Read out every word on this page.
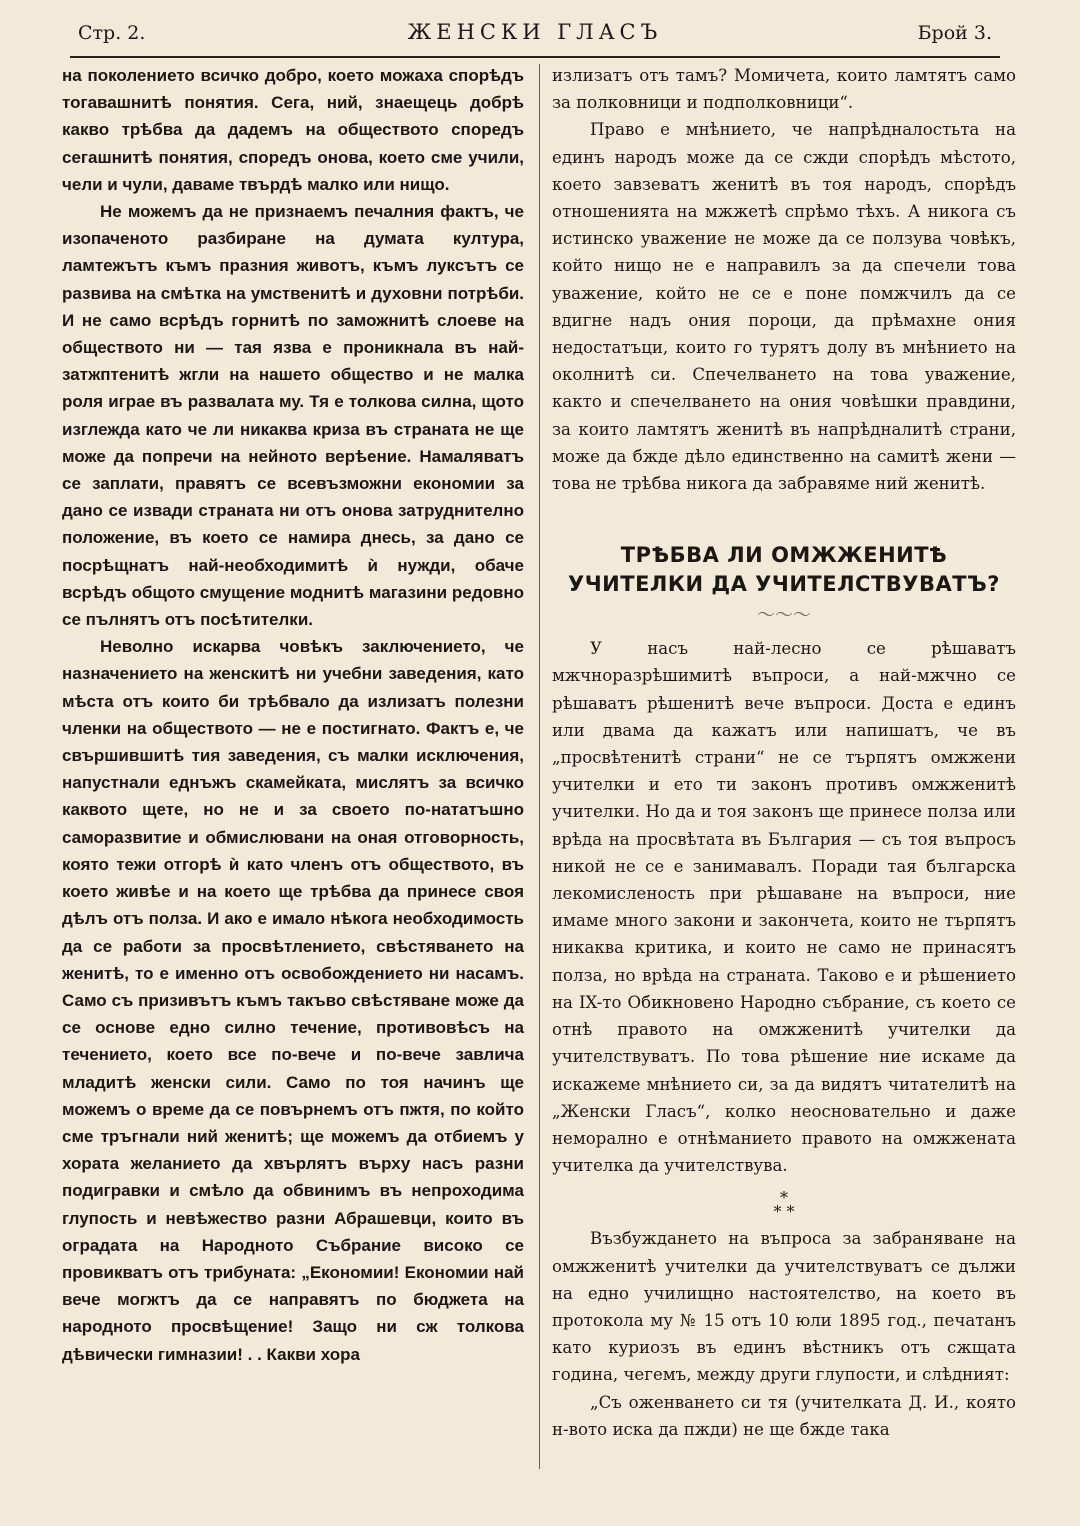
Стр. 2.	ЖЕНСКИ ГЛАСЪ	Брой 3.

на поколението всичко добро, което можаха спорѣдъ тогавашнитѣ понятия. Сега, ний, знаещець добрѣ какво трѣбва да дадемъ на обществото споредъ сегашнитѣ понятия, споредъ онова, което сме учили, чели и чули, даваме твърдѣ малко или нищо.

Не можемъ да не признаемъ печалния фактъ, че изопаченото разбиране на думата култура, ламтежътъ къмъ празния животъ, къмъ луксътъ се развива на смѣтка на умственитѣ и духовни потрѣби. И не само всрѣдъ горнитѣ по заможнитѣ слоеве на обществото ни — тая язва е проникнала въ най-затжптенитѣ жгли на нашето общество и не малка роля играе въ развалата му. Тя е толкова силна, щото изглежда като че ли никаква криза въ страната не ще може да попречи на нейното верѣение. Намаляватъ се заплати, правятъ се всевъзможни економии за дано се извади страната ни отъ онова затруднително положение, въ което се намира днесь, за дано се посрѣщнатъ най-необходимитѣ ѝ нужди, обаче всрѣдъ общото смущение моднитѣ магазини редовно се пълнятъ отъ посѣтителки.

Неволно искарва човѣкъ заключението, че назначението на женскитѣ ни учебни заведения, като мѣста отъ които би трѣбвало да излизатъ полезни членки на обществото — не е постигнато. Фактъ е, че свършившитѣ тия заведения, съ малки исключения, напустнали еднъжъ скамейката, мислятъ за всичко каквото щете, но не и за своето по-нататъшно саморазвитие и обмислювани на оная отговорность, която тежи отгорѣ ѝ като членъ отъ обществото, въ което живѣе и на което ще трѣбва да принесе своя дѣлъ отъ полза. И ако е имало нѣкога необходимость да се работи за просвѣтлението, свѣстяването на женитѣ, то е именно отъ освобождението ни насамъ. Само съ призивътъ къмъ такъво свѣстяване може да се основе едно силно течение, противовѣсъ на течението, което все по-вече и по-вече завлича младитѣ женски сили. Само по тоя начинъ ще можемъ о време да се повърнемъ отъ пжтя, по който сме тръгнали ний женитѣ; ще можемъ да отбиемъ у хората желанието да хвърлятъ върху насъ разни подигравки и смѣло да обвинимъ въ непроходима глупость и невѣжество разни Абрашевци, които въ оградата на Народното Събрание високо се провикватъ отъ трибуната: „Економии! Економии най вече могжтъ да се направятъ по бюджета на народното просвѣщение! Защо ни сж толкова дѣвически гимназии! . . Какви хора

излизатъ отъ тамъ? Момичета, които ламтятъ само за полковници и подполковници“.

Право е мнѣнието, че напрѣдналостьта на единъ народъ може да се сжди спорѣдъ мѣстото, което завзеватъ женитѣ въ тоя народъ, спорѣдъ отношенията на мжжетѣ спрѣмо тѣхъ. А никога съ истинско уважение не може да се ползува човѣкъ, който нищо не е направилъ за да спечели това уважение, който не се е поне помжчилъ да се вдигне надъ ония пороци, да прѣмахне ония недостатъци, които го турятъ долу въ мнѣнието на околнитѣ си. Спечелването на това уважение, както и спечелването на ония човѣшки правдини, за които ламтятъ женитѣ въ напрѣдналитѣ страни, може да бжде дѣло единственно на самитѣ жени — това не трѣбва никога да забравяме ний женитѣ.

ТРѢБВА ЛИ ОМЖЖЕНИТѢ УЧИТЕЛКИ ДА УЧИТЕЛСТВУВАТЪ?
〜〜〜

У насъ най-лесно се рѣшаватъ мжчноразрѣшимитѣ въпроси, а най-мжчно се рѣшаватъ рѣшенитѣ вече въпроси. Доста е единъ или двама да кажатъ или напишатъ, че въ „просвѣтенитѣ страни“ не се търпятъ омжжени учителки и ето ти законъ противъ омжженитѣ учителки. Но да и тоя законъ ще принесе полза или врѣда на просвѣтата въ България — съ тоя въпросъ никой не се е занимавалъ. Поради тая българска лекомисленость при рѣшаване на въпроси, ние имаме много закони и закончета, които не търпятъ никаква критика, и които не само не принасятъ полза, но врѣда на страната. Таково е и рѣшението на IX-то Обикновено Народно събрание, съ което се отнѣ правото на омжженитѣ учителки да учителствуватъ. По това рѣшение ние искаме да искажеме мнѣнието си, за да видятъ читателитѣ на „Женски Гласъ“, колко неосновательно и даже неморално е отнѣманието правото на омжжената учителка да учителствува.

*
* *

Възбуждането на въпроса за забраняване на омжженитѣ учителки да учителствуватъ се дължи на едно училищно настоятелство, на което въ протокола му № 15 отъ 10 юли 1895 год., печатанъ като куриозъ въ единъ вѣстникъ отъ сжщата година, чегемъ, между други глупости, и слѣдният:

„Съ оженването си тя (учителката Д. И., която н-вото иска да пжди) не ще бжде така
